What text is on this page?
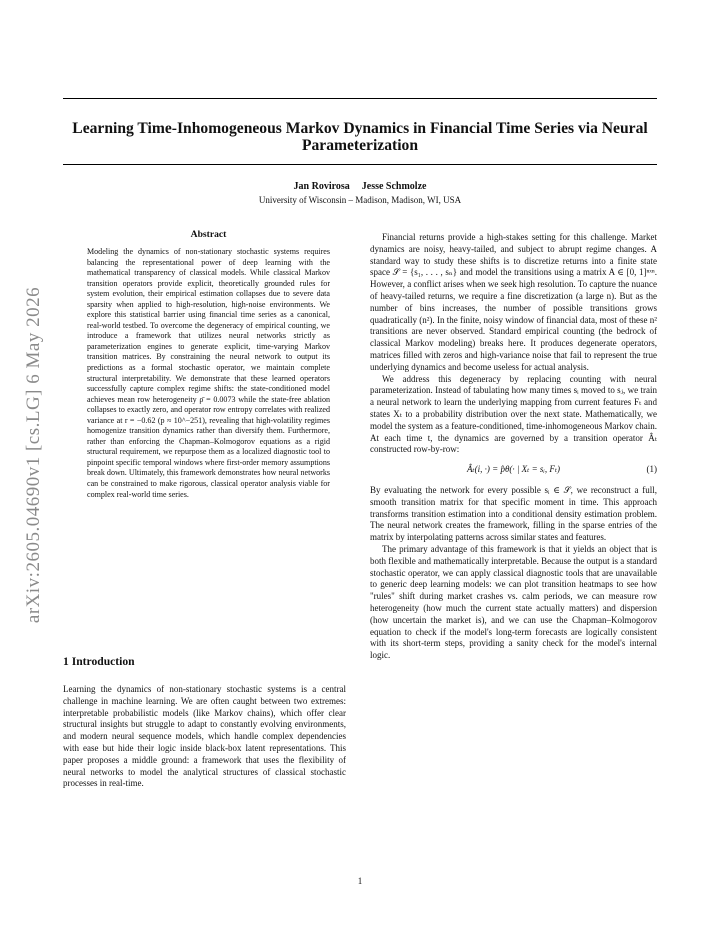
Learning Time-Inhomogeneous Markov Dynamics in Financial Time Series via Neural Parameterization
Jan Rovirosa Jesse Schmolze
University of Wisconsin – Madison, Madison, WI, USA
arXiv:2605.04690v1 [cs.LG] 6 May 2026
Abstract
Modeling the dynamics of non-stationary stochastic systems requires balancing the representational power of deep learning with the mathematical transparency of classical models. While classical Markov transition operators provide explicit, theoretically grounded rules for system evolution, their empirical estimation collapses due to severe data sparsity when applied to high-resolution, high-noise environments. We explore this statistical barrier using financial time series as a canonical, real-world testbed. To overcome the degeneracy of empirical counting, we introduce a framework that utilizes neural networks strictly as parameterization engines to generate explicit, time-varying Markov transition matrices. By constraining the neural network to output its predictions as a formal stochastic operator, we maintain complete structural interpretability. We demonstrate that these learned operators successfully capture complex regime shifts: the state-conditioned model achieves mean row heterogeneity ρ̄ = 0.0073 while the state-free ablation collapses to exactly zero, and operator row entropy correlates with realized variance at r = −0.62 (p ≈ 10^−251), revealing that high-volatility regimes homogenize transition dynamics rather than diversify them. Furthermore, rather than enforcing the Chapman–Kolmogorov equations as a rigid structural requirement, we repurpose them as a localized diagnostic tool to pinpoint specific temporal windows where first-order memory assumptions break down. Ultimately, this framework demonstrates how neural networks can be constrained to make rigorous, classical operator analysis viable for complex real-world time series.
1 Introduction
Learning the dynamics of non-stationary stochastic systems is a central challenge in machine learning. We are often caught between two extremes: interpretable probabilistic models (like Markov chains), which offer clear structural insights but struggle to adapt to constantly evolving environments, and modern neural sequence models, which handle complex dependencies with ease but hide their logic inside black-box latent representations. This paper proposes a middle ground: a framework that uses the flexibility of neural networks to model the analytical structures of classical stochastic processes in real-time.

Financial returns provide a high-stakes setting for this challenge. Market dynamics are noisy, heavy-tailed, and subject to abrupt regime changes. A standard way to study these shifts is to discretize returns into a finite state space 𝒮 = {s₁, . . . , sₙ} and model the transitions using a matrix A ∈ [0, 1]ⁿˣⁿ. However, a conflict arises when we seek high resolution. To capture the nuance of heavy-tailed returns, we require a fine discretization (a large n). But as the number of bins increases, the number of possible transitions grows quadratically (n²). In the finite, noisy window of financial data, most of these n² transitions are never observed. Standard empirical counting (the bedrock of classical Markov modeling) breaks here. It produces degenerate operators, matrices filled with zeros and high-variance noise that fail to represent the true underlying dynamics and become useless for actual analysis.

We address this degeneracy by replacing counting with neural parameterization. Instead of tabulating how many times sᵢ moved to sⱼ, we train a neural network to learn the underlying mapping from current features Fₜ and states Xₜ to a probability distribution over the next state. Mathematically, we model the system as a feature-conditioned, time-inhomogeneous Markov chain. At each time t, the dynamics are governed by a transition operator Âₜ constructed row-by-row:

Âₜ(i, ·) = p̂θ(· | Xₜ = sᵢ, Fₜ)	(1)

By evaluating the network for every possible sᵢ ∈ 𝒮, we reconstruct a full, smooth transition matrix for that specific moment in time. This approach transforms transition estimation into a conditional density estimation problem. The neural network creates the framework, filling in the sparse entries of the matrix by interpolating patterns across similar states and features.

The primary advantage of this framework is that it yields an object that is both flexible and mathematically interpretable. Because the output is a standard stochastic operator, we can apply classical diagnostic tools that are unavailable to generic deep learning models: we can plot transition heatmaps to see how "rules" shift during market crashes vs. calm periods, we can measure row heterogeneity (how much the current state actually matters) and dispersion (how uncertain the market is), and we can use the Chapman–Kolmogorov equation to check if the model's long-term forecasts are logically consistent with its short-term steps, providing a sanity check for the model's internal logic.

1
